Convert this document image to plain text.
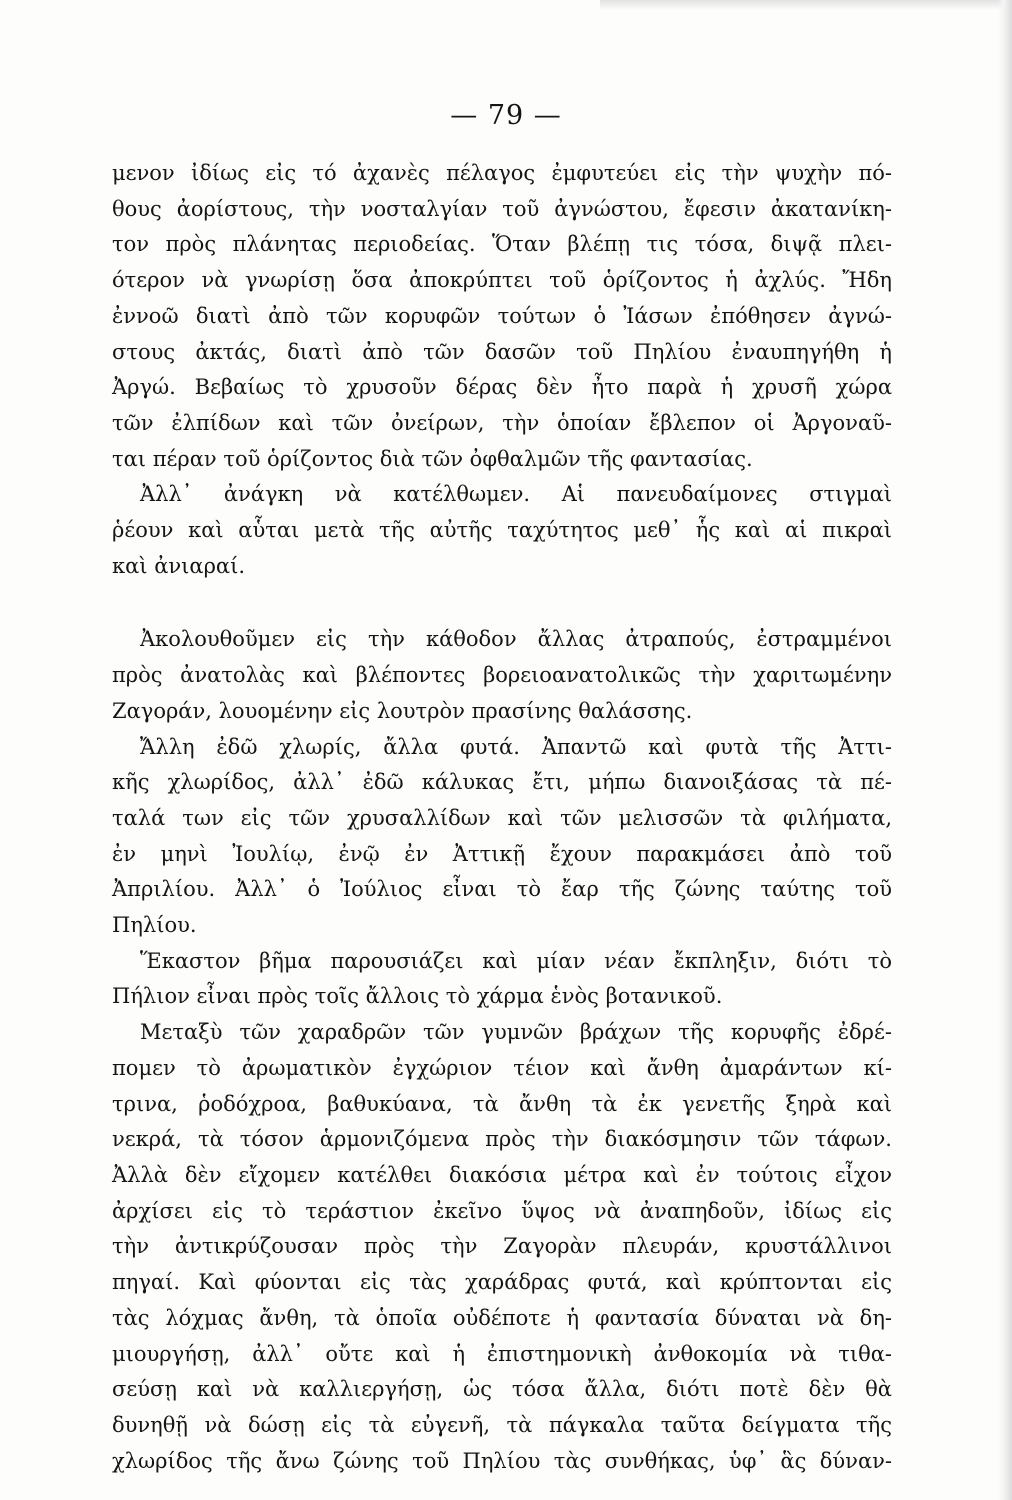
— 79 —

μενον ἰδίως εἰς τό ἀχανὲς πέλαγος ἐμφυτεύει εἰς τὴν ψυχὴν πό-
θους ἀορίστους, τὴν νοσταλγίαν τοῦ ἀγνώστου, ἔφεσιν ἀκατανίκη-
τον πρὸς πλάνητας περιοδείας. Ὅταν βλέπῃ τις τόσα, διψᾷ πλει-
ότερον νὰ γνωρίσῃ ὅσα ἀποκρύπτει τοῦ ὁρίζοντος ἡ ἀχλύς. Ἤδη
ἐννοῶ διατὶ ἀπὸ τῶν κορυφῶν τούτων ὁ Ἰάσων ἐπόθησεν ἀγνώ-
στους ἀκτάς, διατὶ ἀπὸ τῶν δασῶν τοῦ Πηλίου ἐναυπηγήθη ἡ
Ἀργώ. Βεβαίως τὸ χρυσοῦν δέρας δὲν ἦτο παρὰ ἡ χρυσῆ χώρα
τῶν ἐλπίδων καὶ τῶν ὀνείρων, τὴν ὁποίαν ἔβλεπον οἱ Ἀργοναῦ-
ται πέραν τοῦ ὁρίζοντος διὰ τῶν ὀφθαλμῶν τῆς φαντασίας.

Ἀλλ᾽ ἀνάγκη νὰ κατέλθωμεν. Αἱ πανευδαίμονες στιγμαὶ
ῥέουν καὶ αὗται μετὰ τῆς αὐτῆς ταχύτητος μεθ᾽ ἧς καὶ αἱ πικραὶ
καὶ ἀνιαραί.

Ἀκολουθοῦμεν εἰς τὴν κάθοδον ἄλλας ἀτραπούς, ἐστραμμένοι
πρὸς ἀνατολὰς καὶ βλέποντες βορειοανατολικῶς τὴν χαριτωμένην
Ζαγοράν, λουομένην εἰς λουτρὸν πρασίνης θαλάσσης.

Ἄλλη ἐδῶ χλωρίς, ἄλλα φυτά. Ἀπαντῶ καὶ φυτὰ τῆς Ἀττι-
κῆς χλωρίδος, ἀλλ᾽ ἐδῶ κάλυκας ἔτι, μήπω διανοιξάσας τὰ πέ-
ταλά των εἰς τῶν χρυσαλλίδων καὶ τῶν μελισσῶν τὰ φιλήματα,
ἐν μηνὶ Ἰουλίῳ, ἐνῷ ἐν Ἀττικῇ ἔχουν παρακμάσει ἀπὸ τοῦ
Ἀπριλίου. Ἀλλ᾽ ὁ Ἰούλιος εἶναι τὸ ἔαρ τῆς ζώνης ταύτης τοῦ
Πηλίου.

Ἕκαστον βῆμα παρουσιάζει καὶ μίαν νέαν ἔκπληξιν, διότι τὸ
Πήλιον εἶναι πρὸς τοῖς ἄλλοις τὸ χάρμα ἑνὸς βοτανικοῦ.

Μεταξὺ τῶν χαραδρῶν τῶν γυμνῶν βράχων τῆς κορυφῆς ἐδρέ-
πομεν τὸ ἀρωματικὸν ἐγχώριον τέιον καὶ ἄνθη ἀμαράντων κί-
τρινα, ῥοδόχροα, βαθυκύανα, τὰ ἄνθη τὰ ἐκ γενετῆς ξηρὰ καὶ
νεκρά, τὰ τόσον ἁρμονιζόμενα πρὸς τὴν διακόσμησιν τῶν τάφων.
Ἀλλὰ δὲν εἴχομεν κατέλθει διακόσια μέτρα καὶ ἐν τούτοις εἶχον
ἀρχίσει εἰς τὸ τεράστιον ἐκεῖνο ὕψος νὰ ἀναπηδοῦν, ἰδίως εἰς
τὴν ἀντικρύζουσαν πρὸς τὴν Ζαγορὰν πλευράν, κρυστάλλινοι
πηγαί. Καὶ φύονται εἰς τὰς χαράδρας φυτά, καὶ κρύπτονται εἰς
τὰς λόχμας ἄνθη, τὰ ὁποῖα οὐδέποτε ἡ φαντασία δύναται νὰ δη-
μιουργήσῃ, ἀλλ᾽ οὔτε καὶ ἡ ἐπιστημονικὴ ἀνθοκομία νὰ τιθα-
σεύσῃ καὶ νὰ καλλιεργήσῃ, ὡς τόσα ἄλλα, διότι ποτὲ δὲν θὰ
δυνηθῇ νὰ δώσῃ εἰς τὰ εὐγενῆ, τὰ πάγκαλα ταῦτα δείγματα τῆς
χλωρίδος τῆς ἄνω ζώνης τοῦ Πηλίου τὰς συνθήκας, ὑφ᾽ ἃς δύναν-
